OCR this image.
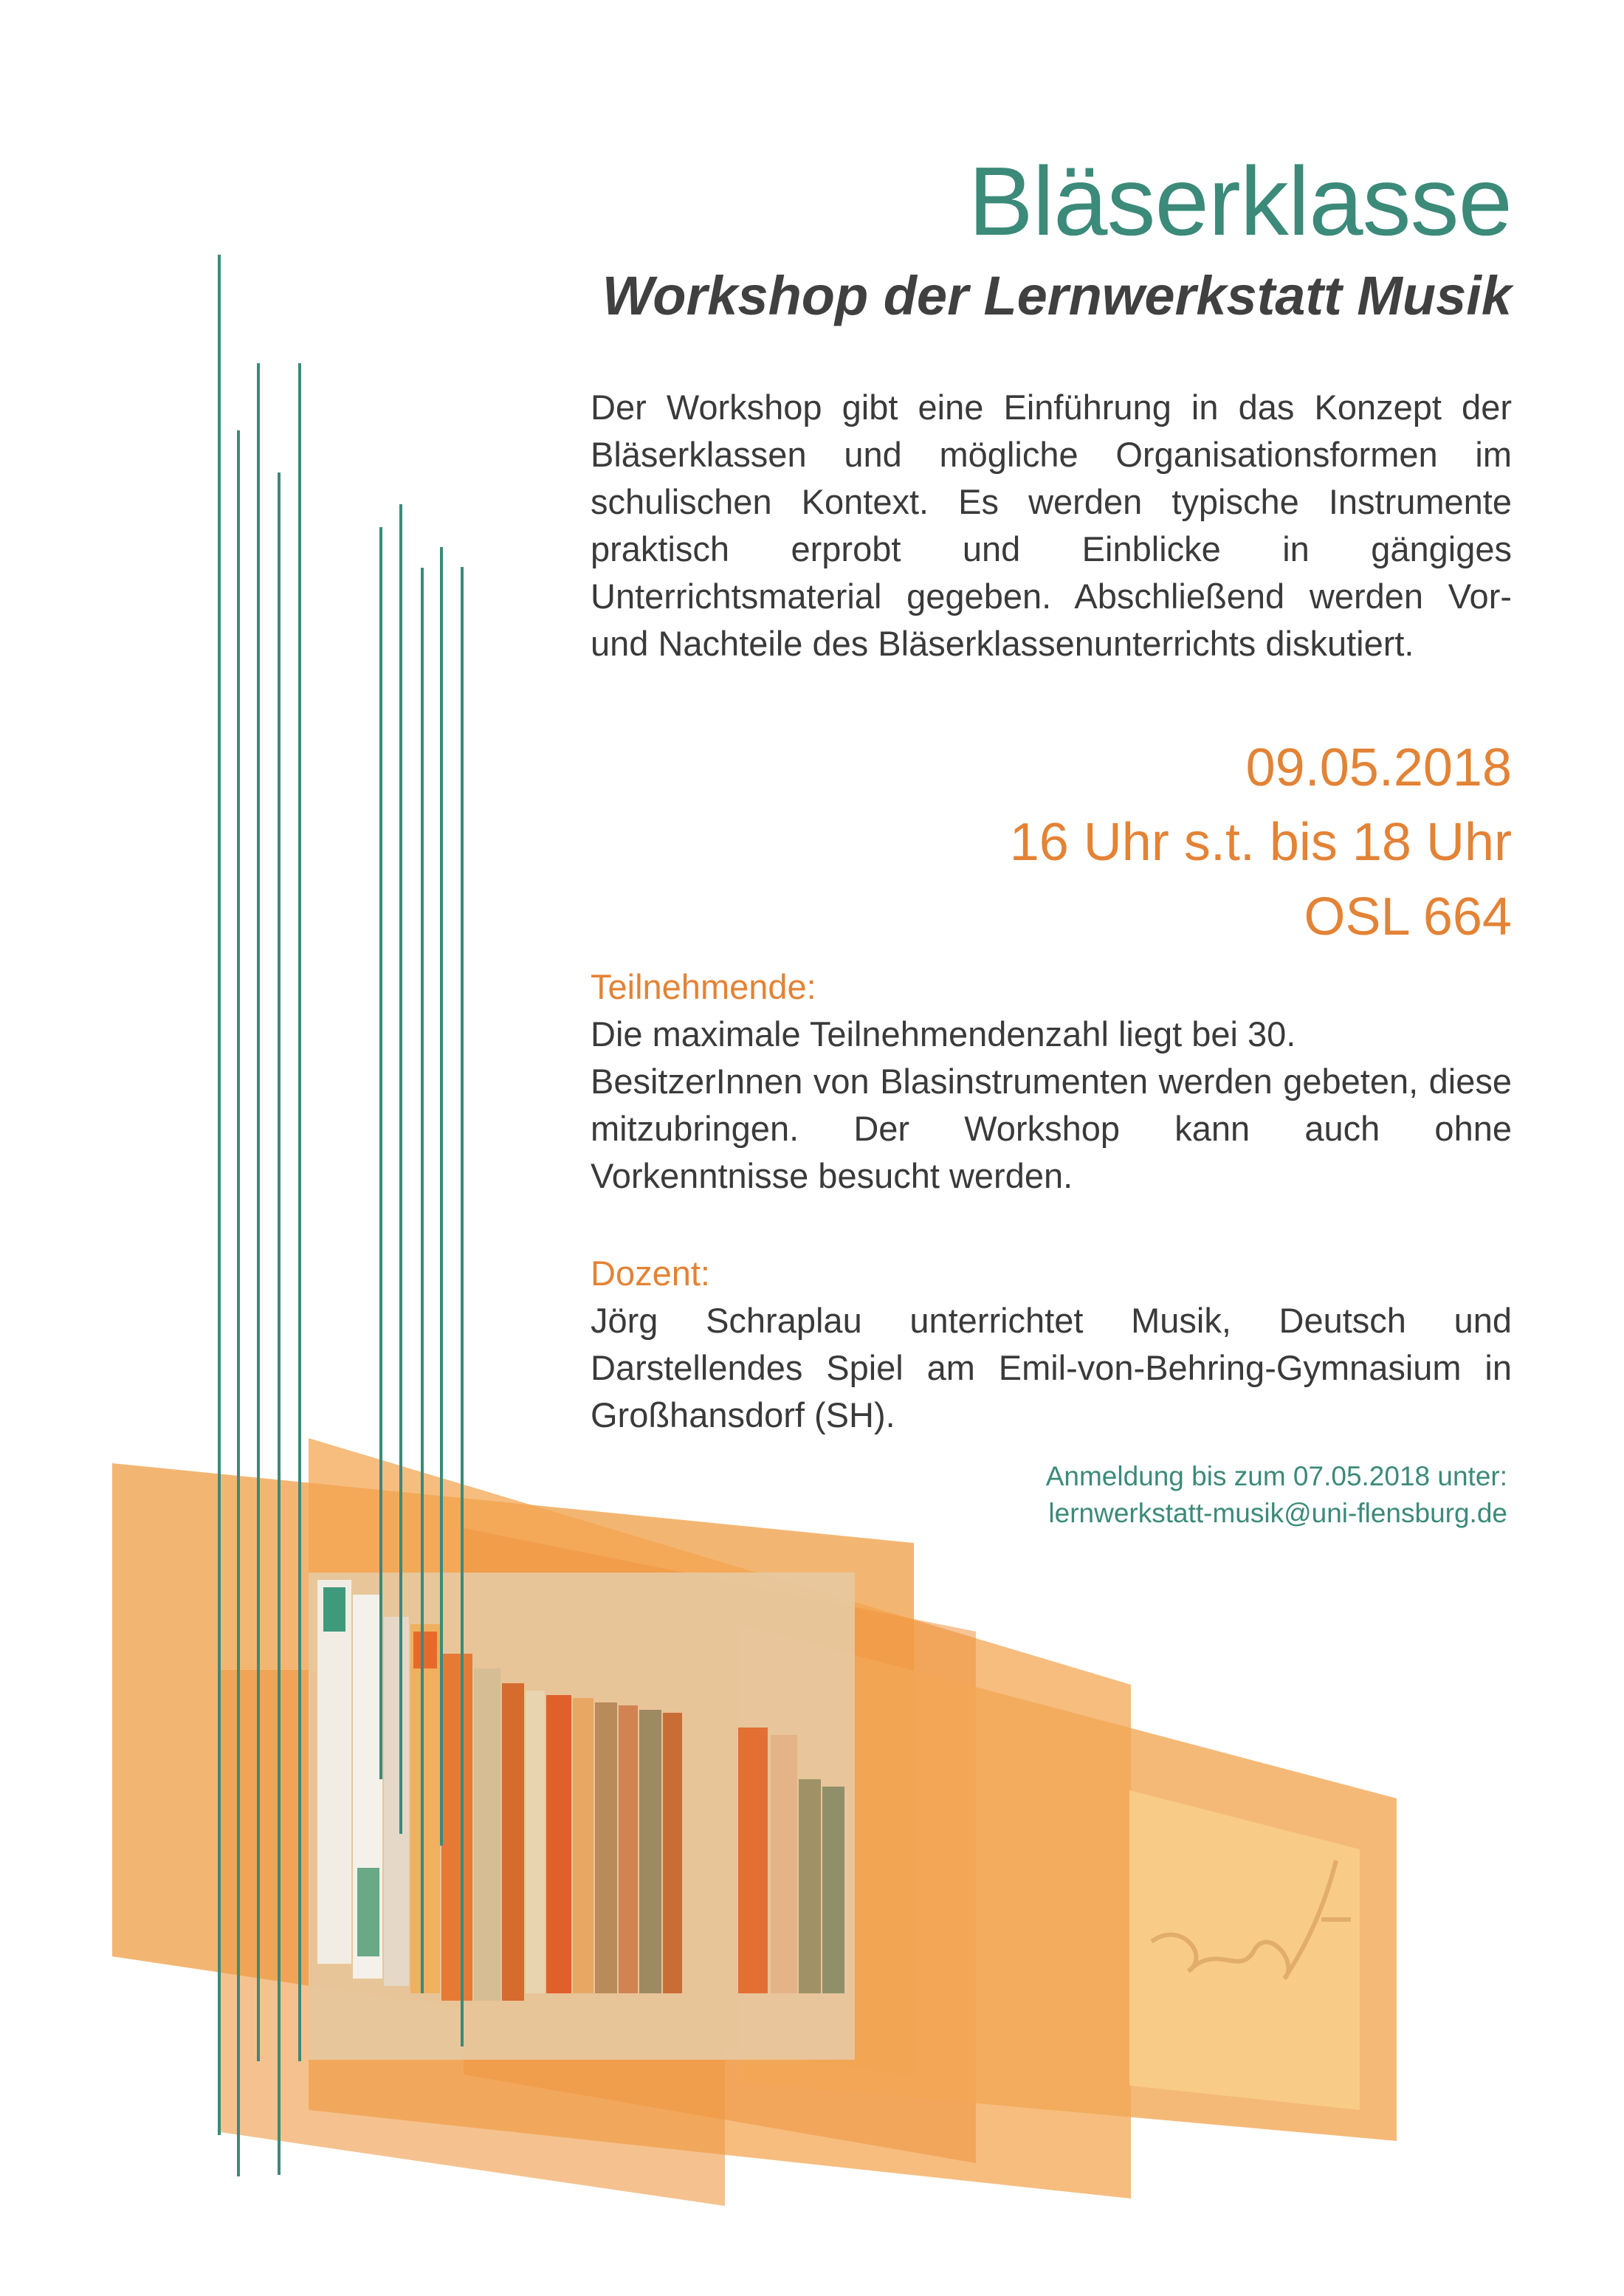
Bläserklasse
Workshop der Lernwerkstatt Musik

Der Workshop gibt eine Einführung in das Konzept der Bläserklassen und mögliche Organisationsformen im schulischen Kontext. Es werden typische Instrumente praktisch erprobt und Einblicke in gängiges Unterrichtsmaterial gegeben. Abschließend werden Vor- und Nachteile des Bläserklassenunterrichts diskutiert.

09.05.2018

16 Uhr s.t. bis 18 Uhr

OSL 664

Teilnehmende:

Die maximale Teilnehmendenzahl liegt bei 30.
BesitzerInnen von Blasinstrumenten werden gebeten, diese mitzubringen. Der Workshop kann auch ohne Vorkenntnisse besucht werden.

Dozent:

Jörg Schraplau unterrichtet Musik, Deutsch und Darstellendes Spiel am Emil-von-Behring-Gymnasium in Großhansdorf (SH).

Anmeldung bis zum 07.05.2018 unter:

lernwerkstatt-musik@uni-flensburg.de
